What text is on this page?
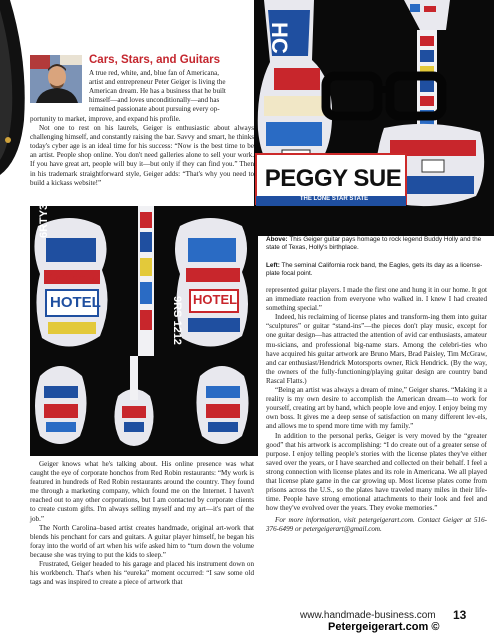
Cars, Stars, and Guitars
A true red, white, and, blue fan of Americana,
artist and entrepreneur Peter Geiger is living the
American dream. He has a business that he built
himself—and loves unconditionally—and has
remained passionate about pursuing every op-

portunity to market, improve, and expand his profile.

Not one to rest on his laurels, Geiger is enthusiastic about always challenging himself, and constantly raising the bar. Savvy and smart, he thinks today's cyber age is an ideal time for his success: “Now is the best time to be an artist. People shop online. You don't need galleries alone to sell your work. If you have great art, people will buy it—but only if they can find you.” Then in his trademark straightforward style, Geiger adds: “That's why you need to build a kickass website!”

HC
PEGGY SUE
THE LONE STAR STATE
Above: This Geiger guitar pays homage to rock legend Buddy Holly and the state of Texas, Holly's birthplace.
Left: The seminal California rock band, the Eagles, gets its day as a license-plate focal point.
6RTY327
9RS 1212
California
HOTEL	HOTEL

Geiger knows what he's talking about. His online presence was what caught the eye of corporate honchos from Red Robin restaurants: “My work is featured in hundreds of Red Robin restaurants around the country. They found me through a marketing company, which found me on the Internet. I haven't reached out to any other corporations, but I am contacted by corporate clients to create custom gifts. I'm always selling myself and my art—it's part of the job.”

The North Carolina–based artist creates handmade, original art-work that blends his penchant for cars and guitars. A guitar player himself, he began his foray into the world of art when his wife asked him to “turn down the volume because she was trying to put the kids to sleep.”

Frustrated, Geiger headed to his garage and placed his instrument down on his workbench. That's when his “eureka” moment occurred: “I saw some old tags and was inspired to create a piece of artwork that

represented guitar players. I made the first one and hung it in our home. It got an immediate reaction from everyone who walked in. I knew I had created something special.”

Indeed, his reclaiming of license plates and transform-ing them into guitar “sculptures” or guitar “stand-ins”—the pieces don't play music, except for one guitar design—has attracted the attention of avid car enthusiasts, amateur mu-sicians, and professional big-name stars. Among the celebri-ties who have acquired his guitar artwork are Bruno Mars, Brad Paisley, Tim McGraw, and car enthusiast/Hendrick Motorsports owner, Rick Hendrick. (By the way, the owners of the fully-functioning/playing guitar design are country band Rascal Flatts.)

“Being an artist was always a dream of mine,” Geiger shares. “Making it a reality is my own desire to accomplish the American dream—to work for yourself, creating art by hand, which people love and enjoy. I enjoy being my own boss. It gives me a deep sense of satisfaction on many different lev-els, and allows me to spend more time with my family.”

In addition to the personal perks, Geiger is very moved by the “greater good” that his artwork is accomplishing: “I do create out of a greater sense of purpose. I enjoy telling people's stories with the license plates they've either saved over the years, or I have searched and collected on their behalf. I feel a strong connection with license plates and its role in Americana. We all played that license plate game in the car growing up. Most license plates come from prisons across the U.S., so the plates have traveled many miles in their life-time. People have strong emotional attachments to their look and feel and how they've evolved over the years. They evoke memories.”

For more information, visit petergeigerart.com. Contact Geiger at 516-376-6499 or petergeigerart@gmail.com.

www.handmade-business.com 13
Petergeigerart.com ©
